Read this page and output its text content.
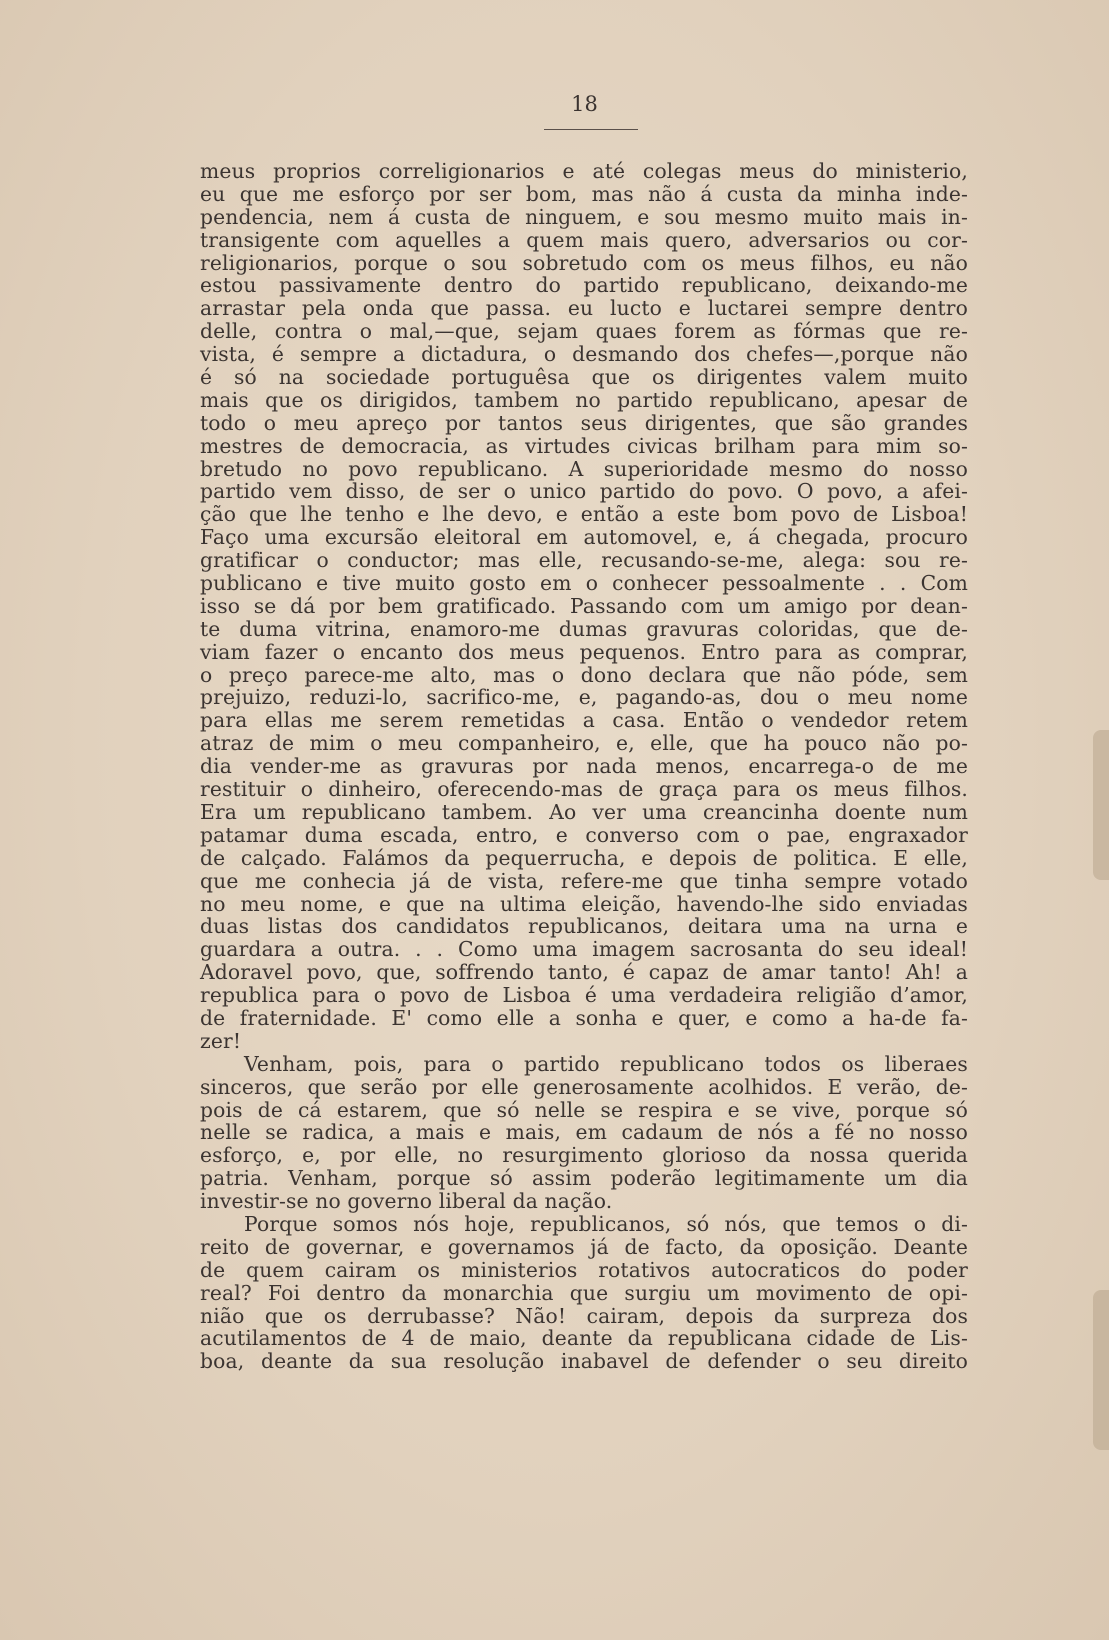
18
meus proprios correligionarios e até colegas meus do ministerio,
eu que me esforço por ser bom, mas não á custa da minha inde-
pendencia, nem á custa de ninguem, e sou mesmo muito mais in-
transigente com aquelles a quem mais quero, adversarios ou cor-
religionarios, porque o sou sobretudo com os meus filhos, eu não
estou passivamente dentro do partido republicano, deixando-me
arrastar pela onda que passa. eu lucto e luctarei sempre dentro
delle, contra o mal,—que, sejam quaes forem as fórmas que re-
vista, é sempre a dictadura, o desmando dos chefes—,porque não
é só na sociedade portuguêsa que os dirigentes valem muito
mais que os dirigidos, tambem no partido republicano, apesar de
todo o meu apreço por tantos seus dirigentes, que são grandes
mestres de democracia, as virtudes civicas brilham para mim so-
bretudo no povo republicano. A superioridade mesmo do nosso
partido vem disso, de ser o unico partido do povo. O povo, a afei-
ção que lhe tenho e lhe devo, e então a este bom povo de Lisboa!
Faço uma excursão eleitoral em automovel, e, á chegada, procuro
gratificar o conductor; mas elle, recusando-se-me, alega: sou re-
publicano e tive muito gosto em o conhecer pessoalmente . . Com
isso se dá por bem gratificado. Passando com um amigo por dean-
te duma vitrina, enamoro-me dumas gravuras coloridas, que de-
viam fazer o encanto dos meus pequenos. Entro para as comprar,
o preço parece-me alto, mas o dono declara que não póde, sem
prejuizo, reduzi-lo, sacrifico-me, e, pagando-as, dou o meu nome
para ellas me serem remetidas a casa. Então o vendedor retem
atraz de mim o meu companheiro, e, elle, que ha pouco não po-
dia vender-me as gravuras por nada menos, encarrega-o de me
restituir o dinheiro, oferecendo-mas de graça para os meus filhos.
Era um republicano tambem. Ao ver uma creancinha doente num
patamar duma escada, entro, e converso com o pae, engraxador
de calçado. Falámos da pequerrucha, e depois de politica. E elle,
que me conhecia já de vista, refere-me que tinha sempre votado
no meu nome, e que na ultima eleição, havendo-lhe sido enviadas
duas listas dos candidatos republicanos, deitara uma na urna e
guardara a outra. . . Como uma imagem sacrosanta do seu ideal!
Adoravel povo, que, soffrendo tanto, é capaz de amar tanto! Ah! a
republica para o povo de Lisboa é uma verdadeira religião d’amor,
de fraternidade. E' como elle a sonha e quer, e como a ha-de fa-
zer!
Venham, pois, para o partido republicano todos os liberaes
sinceros, que serão por elle generosamente acolhidos. E verão, de-
pois de cá estarem, que só nelle se respira e se vive, porque só
nelle se radica, a mais e mais, em cadaum de nós a fé no nosso
esforço, e, por elle, no resurgimento glorioso da nossa querida
patria. Venham, porque só assim poderão legitimamente um dia
investir-se no governo liberal da nação.
Porque somos nós hoje, republicanos, só nós, que temos o di-
reito de governar, e governamos já de facto, da oposição. Deante
de quem cairam os ministerios rotativos autocraticos do poder
real? Foi dentro da monarchia que surgiu um movimento de opi-
nião que os derrubasse? Não! cairam, depois da surpreza dos
acutilamentos de 4 de maio, deante da republicana cidade de Lis-
boa, deante da sua resolução inabavel de defender o seu direito
